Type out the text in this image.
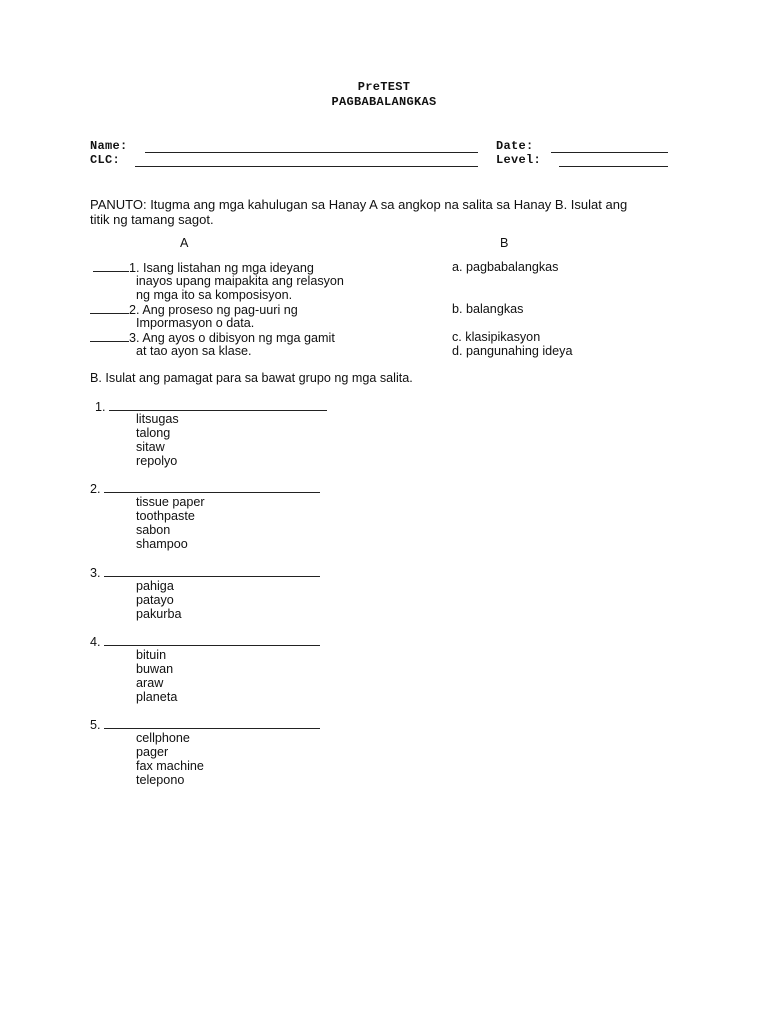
PreTEST
PAGBABALANGKAS
Name:	Date:
CLC:	Level:
PANUTO: Itugma ang mga kahulugan sa Hanay A sa angkop na salita sa Hanay B. Isulat ang
titik ng tamang sagot.
A	B
1. Isang listahan ng mga ideyang
inayos upang maipakita ang relasyon
ng mga ito sa komposisyon.
2. Ang proseso ng pag-uuri ng
Impormasyon o data.
3. Ang ayos o dibisyon ng mga gamit
at tao ayon sa klase.
a. pagbabalangkas
b. balangkas
c. klasipikasyon
d. pangunahing ideya
B. Isulat ang pamagat para sa bawat grupo ng mga salita.
1.
litsugas
talong
sitaw
repolyo
2.
tissue paper
toothpaste
sabon
shampoo
3.
pahiga
patayo
pakurba
4.
bituin
buwan
araw
planeta
5.
cellphone
pager
fax machine
telepono
